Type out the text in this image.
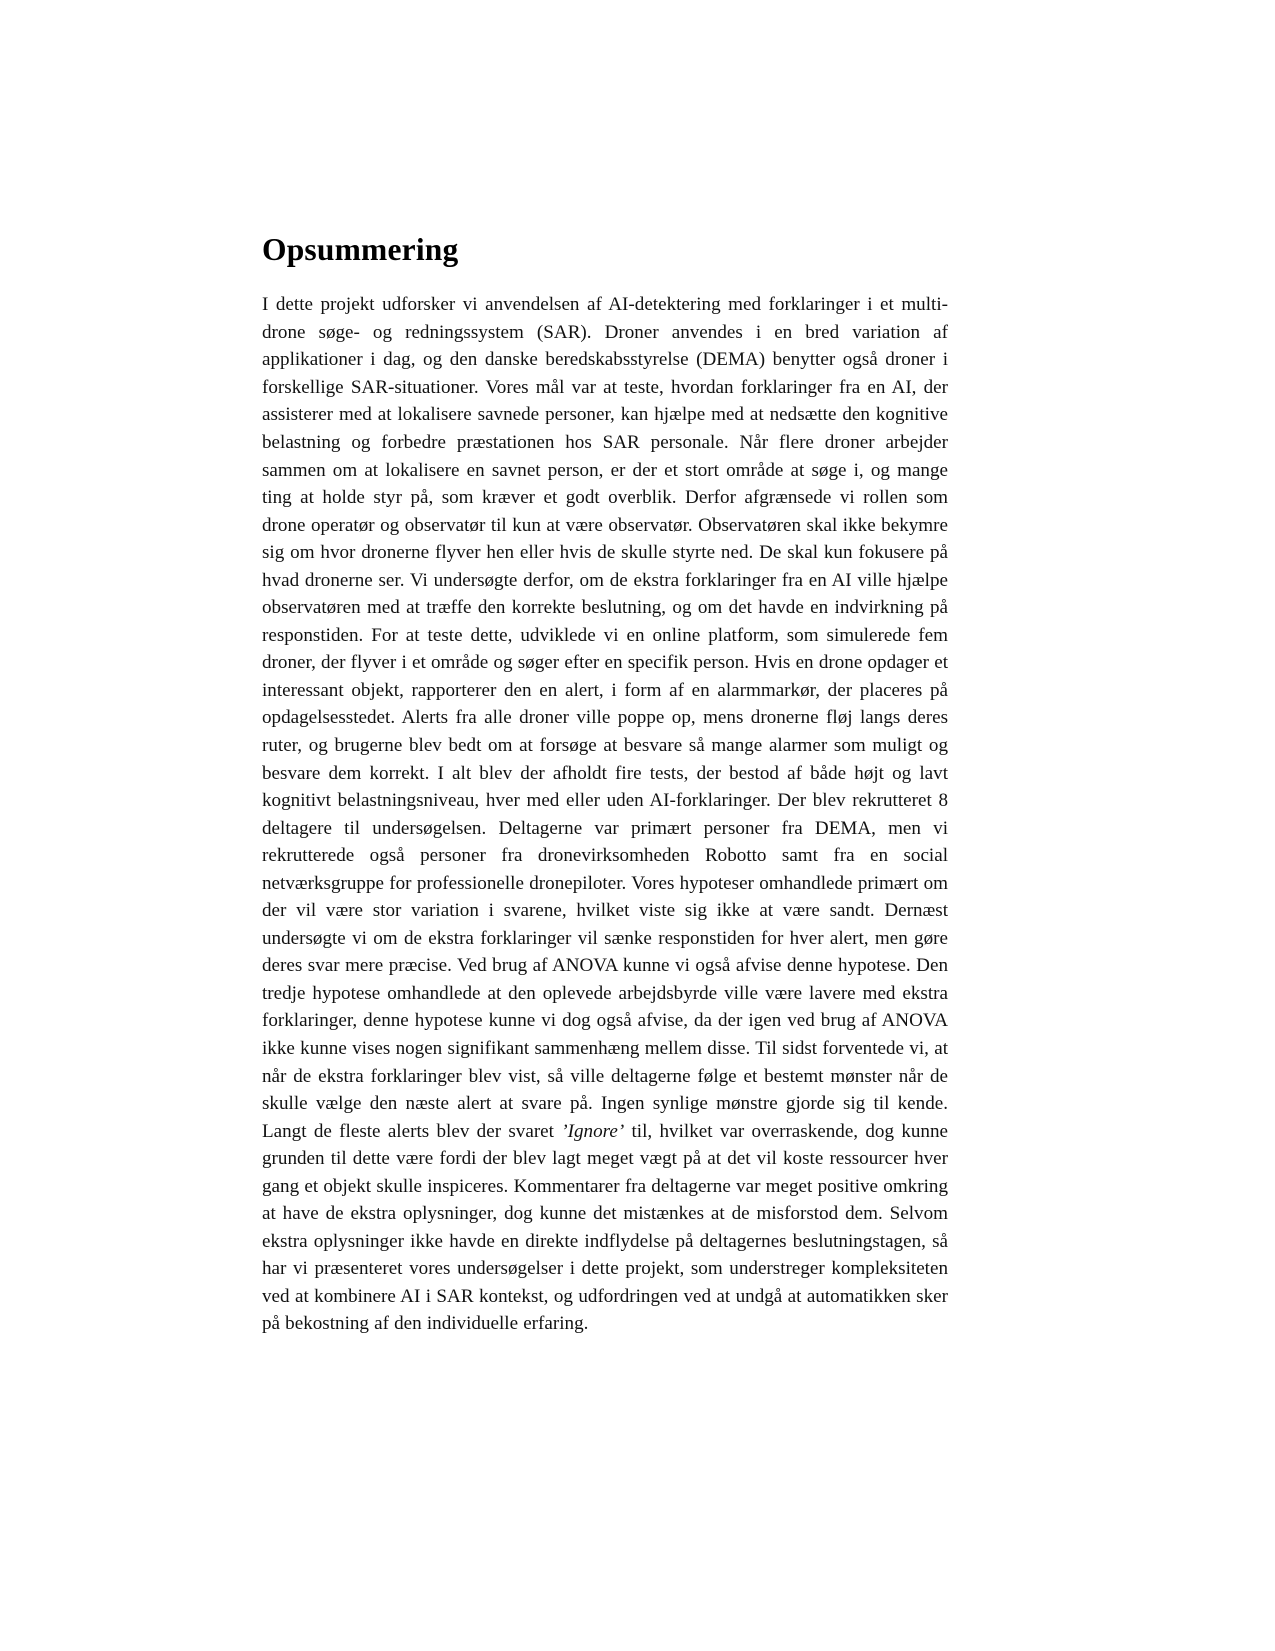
Opsummering

I dette projekt udforsker vi anvendelsen af AI-detektering med forklaringer i et multi-drone søge- og redningssystem (SAR). Droner anvendes i en bred variation af applikationer i dag, og den danske beredskabsstyrelse (DEMA) benytter også droner i forskellige SAR-situationer. Vores mål var at teste, hvordan forklaringer fra en AI, der assisterer med at lokalisere savnede personer, kan hjælpe med at nedsætte den kognitive belastning og forbedre præstationen hos SAR personale. Når flere droner arbejder sammen om at lokalisere en savnet person, er der et stort område at søge i, og mange ting at holde styr på, som kræver et godt overblik. Derfor afgrænsede vi rollen som drone operatør og observatør til kun at være observatør. Observatøren skal ikke bekymre sig om hvor dronerne flyver hen eller hvis de skulle styrte ned. De skal kun fokusere på hvad dronerne ser. Vi undersøgte derfor, om de ekstra forklaringer fra en AI ville hjælpe observatøren med at træffe den korrekte beslutning, og om det havde en indvirkning på responstiden. For at teste dette, udviklede vi en online platform, som simulerede fem droner, der flyver i et område og søger efter en specifik person. Hvis en drone opdager et interessant objekt, rapporterer den en alert, i form af en alarmmarkør, der placeres på opdagelsesstedet. Alerts fra alle droner ville poppe op, mens dronerne fløj langs deres ruter, og brugerne blev bedt om at forsøge at besvare så mange alarmer som muligt og besvare dem korrekt. I alt blev der afholdt fire tests, der bestod af både højt og lavt kognitivt belastningsniveau, hver med eller uden AI-forklaringer. Der blev rekrutteret 8 deltagere til undersøgelsen. Deltagerne var primært personer fra DEMA, men vi rekrutterede også personer fra dronevirksomheden Robotto samt fra en social netværksgruppe for professionelle dronepiloter. Vores hypoteser omhandlede primært om der vil være stor variation i svarene, hvilket viste sig ikke at være sandt. Dernæst undersøgte vi om de ekstra forklaringer vil sænke responstiden for hver alert, men gøre deres svar mere præcise. Ved brug af ANOVA kunne vi også afvise denne hypotese. Den tredje hypotese omhandlede at den oplevede arbejdsbyrde ville være lavere med ekstra forklaringer, denne hypotese kunne vi dog også afvise, da der igen ved brug af ANOVA ikke kunne vises nogen signifikant sammenhæng mellem disse. Til sidst forventede vi, at når de ekstra forklaringer blev vist, så ville deltagerne følge et bestemt mønster når de skulle vælge den næste alert at svare på. Ingen synlige mønstre gjorde sig til kende. Langt de fleste alerts blev der svaret ’Ignore’ til, hvilket var overraskende, dog kunne grunden til dette være fordi der blev lagt meget vægt på at det vil koste ressourcer hver gang et objekt skulle inspiceres. Kommentarer fra deltagerne var meget positive omkring at have de ekstra oplysninger, dog kunne det mistænkes at de misforstod dem. Selvom ekstra oplysninger ikke havde en direkte indflydelse på deltagernes beslutningstagen, så har vi præsenteret vores undersøgelser i dette projekt, som understreger kompleksiteten ved at kombinere AI i SAR kontekst, og udfordringen ved at undgå at automatikken sker på bekostning af den individuelle erfaring.
